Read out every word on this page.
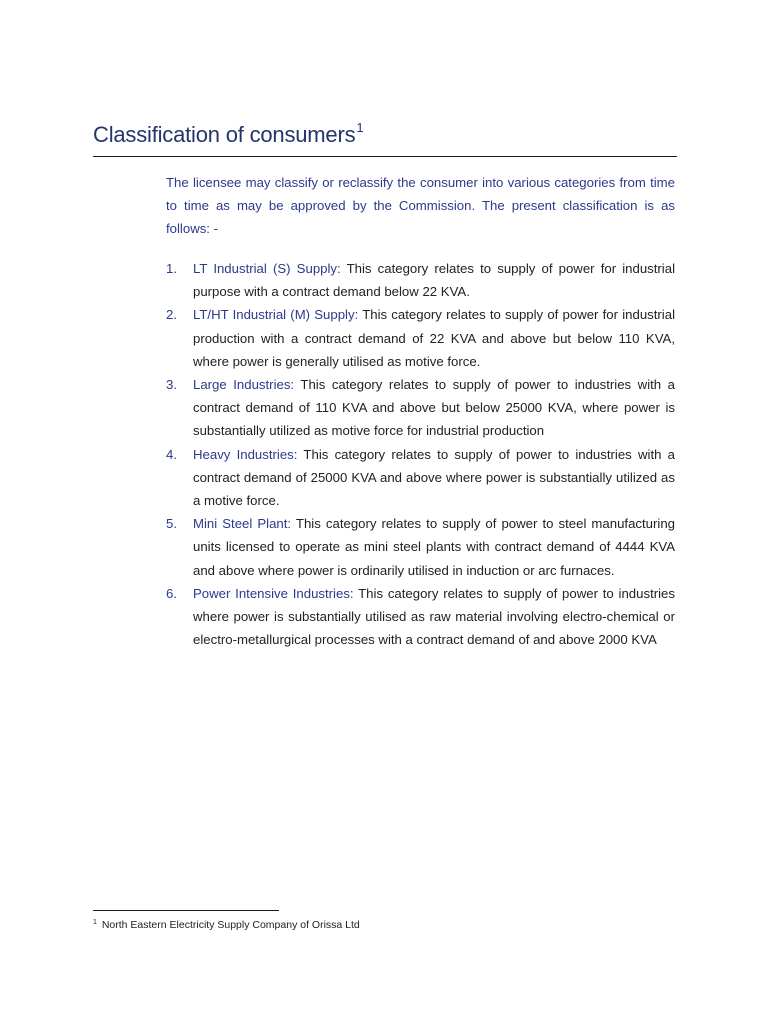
Classification of consumers$^1$

The licensee may classify or reclassify the consumer into various categories from time to time as may be approved by the Commission. The present classification is as follows: -

1. LT Industrial (S) Supply: This category relates to supply of power for industrial purpose with a contract demand below 22 KVA.
2. LT/HT Industrial (M) Supply: This category relates to supply of power for industrial production with a contract demand of 22 KVA and above but below 110 KVA, where power is generally utilised as motive force.
3. Large Industries: This category relates to supply of power to industries with a contract demand of 110 KVA and above but below 25000 KVA, where power is substantially utilized as motive force for industrial production
4. Heavy Industries: This category relates to supply of power to industries with a contract demand of 25000 KVA and above where power is substantially utilized as a motive force.
5. Mini Steel Plant: This category relates to supply of power to steel manufacturing units licensed to operate as mini steel plants with contract demand of 4444 KVA and above where power is ordinarily utilised in induction or arc furnaces.
6. Power Intensive Industries: This category relates to supply of power to industries where power is substantially utilised as raw material involving electro-chemical or electro-metallurgical processes with a contract demand of and above 2000 KVA

$^1$ North Eastern Electricity Supply Company of Orissa Ltd
